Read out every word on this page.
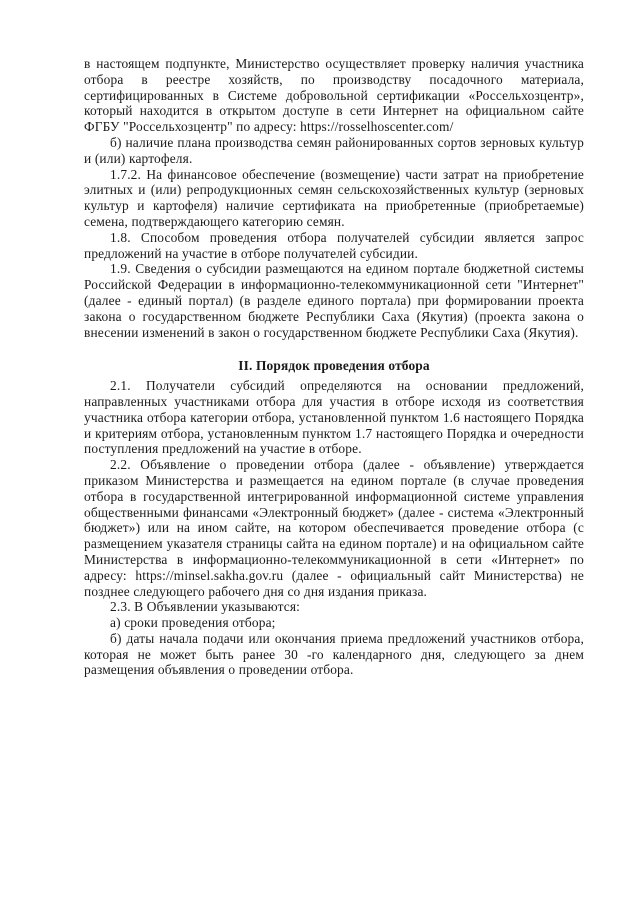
в настоящем подпункте, Министерство осуществляет проверку наличия участника отбора в реестре хозяйств, по производству посадочного материала, сертифицированных в Системе добровольной сертификации «Россельхозцентр», который находится в открытом доступе в сети Интернет на официальном сайте ФГБУ "Россельхозцентр" по адресу: https://rosselhoscenter.com/

б) наличие плана производства семян районированных сортов зерновых культур и (или) картофеля.

1.7.2. На финансовое обеспечение (возмещение) части затрат на приобретение элитных и (или) репродукционных семян сельскохозяйственных культур (зерновых культур и картофеля) наличие сертификата на приобретенные (приобретаемые) семена, подтверждающего категорию семян.

1.8. Способом проведения отбора получателей субсидии является запрос предложений на участие в отборе получателей субсидии.

1.9. Сведения о субсидии размещаются на едином портале бюджетной системы Российской Федерации в информационно-телекоммуникационной сети "Интернет" (далее - единый портал) (в разделе единого портала) при формировании проекта закона о государственном бюджете Республики Саха (Якутия) (проекта закона о внесении изменений в закон о государственном бюджете Республики Саха (Якутия).

II. Порядок проведения отбора

2.1. Получатели субсидий определяются на основании предложений, направленных участниками отбора для участия в отборе исходя из соответствия участника отбора категории отбора, установленной пунктом 1.6 настоящего Порядка и критериям отбора, установленным пунктом 1.7 настоящего Порядка и очередности поступления предложений на участие в отборе.

2.2. Объявление о проведении отбора (далее - объявление) утверждается приказом Министерства и размещается на едином портале (в случае проведения отбора в государственной интегрированной информационной системе управления общественными финансами «Электронный бюджет» (далее - система «Электронный бюджет») или на ином сайте, на котором обеспечивается проведение отбора (с размещением указателя страницы сайта на едином портале) и на официальном сайте Министерства в информационно-телекоммуникационной в сети «Интернет» по адресу: https://minsel.sakha.gov.ru (далее - официальный сайт Министерства) не позднее следующего рабочего дня со дня издания приказа.

2.3. В Объявлении указываются:

а) сроки проведения отбора;

б) даты начала подачи или окончания приема предложений участников отбора, которая не может быть ранее 30 -го календарного дня, следующего за днем размещения объявления о проведении отбора.
